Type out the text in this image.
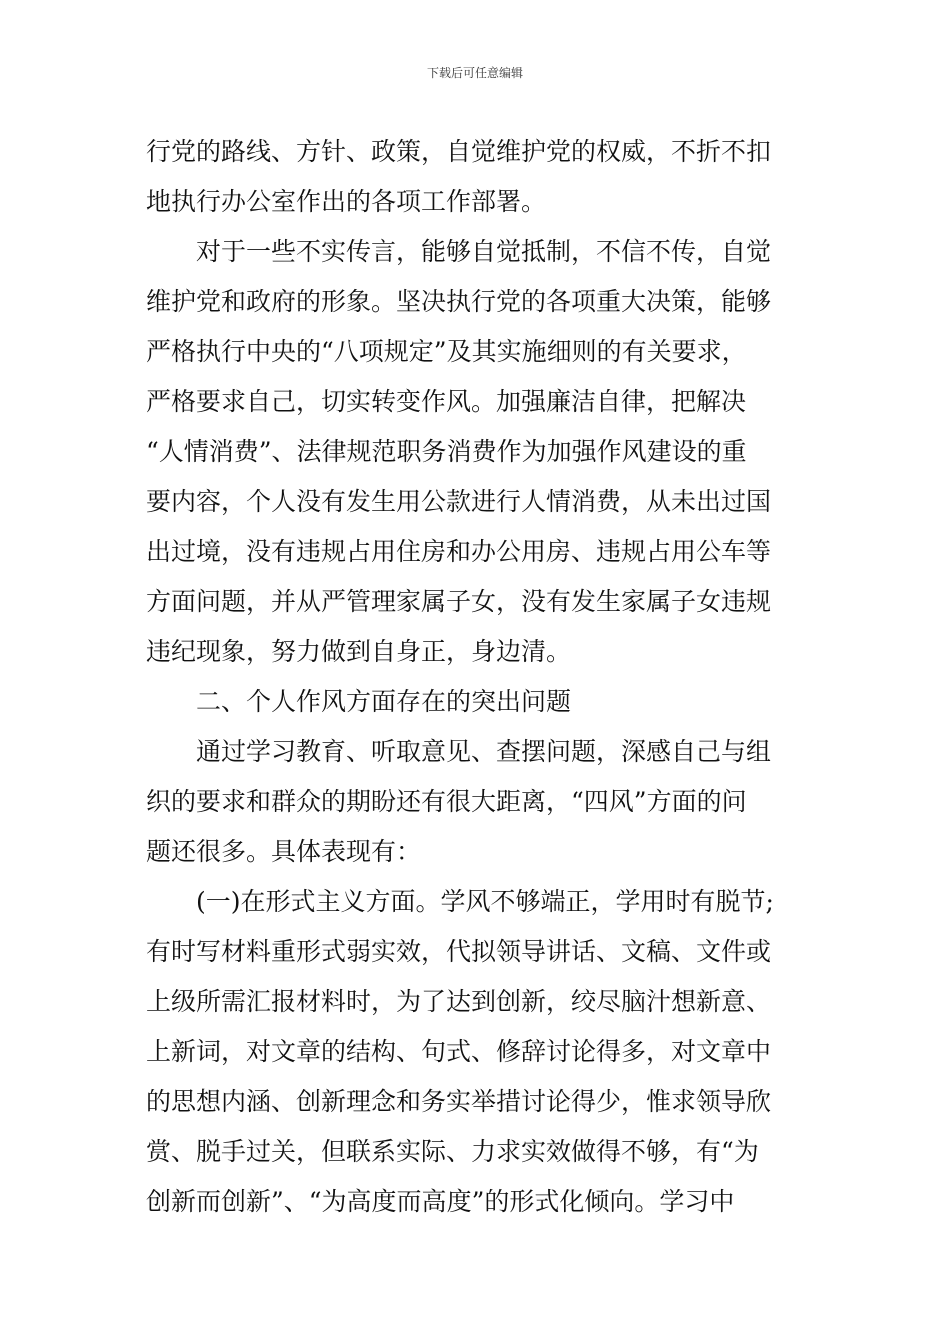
下载后可任意编辑
行党的路线、方针、政策，自觉维护党的权威，不折不扣
地执行办公室作出的各项工作部署。
对于一些不实传言，能够自觉抵制，不信不传，自觉
维护党和政府的形象。坚决执行党的各项重大决策，能够
严格执行中央的“八项规定”及其实施细则的有关要求，
严格要求自己，切实转变作风。加强廉洁自律，把解决
“人情消费”、法律规范职务消费作为加强作风建设的重
要内容，个人没有发生用公款进行人情消费，从未出过国
出过境，没有违规占用住房和办公用房、违规占用公车等
方面问题，并从严管理家属子女，没有发生家属子女违规
违纪现象，努力做到自身正，身边清。
二、个人作风方面存在的突出问题
通过学习教育、听取意见、查摆问题，深感自己与组
织的要求和群众的期盼还有很大距离，“四风”方面的问
题还很多。具体表现有：
(一)在形式主义方面。学风不够端正，学用时有脱节;
有时写材料重形式弱实效，代拟领导讲话、文稿、文件或
上级所需汇报材料时，为了达到创新，绞尽脑汁想新意、
上新词，对文章的结构、句式、修辞讨论得多，对文章中
的思想内涵、创新理念和务实举措讨论得少，惟求领导欣
赏、脱手过关，但联系实际、力求实效做得不够，有“为
创新而创新”、“为高度而高度”的形式化倾向。学习中
